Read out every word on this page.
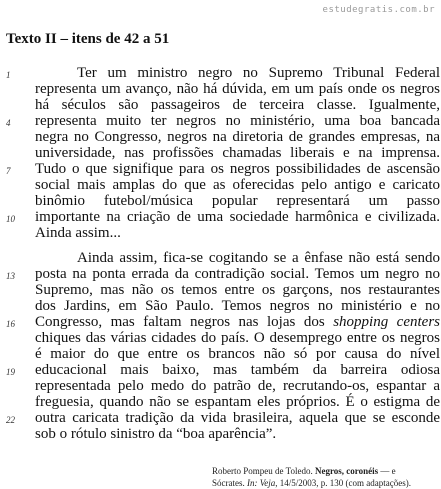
estudegratis.com.br
Texto II – itens de 42 a 51
1	Ter um ministro negro no Supremo Tribunal Federal
representa um avanço, não há dúvida, em um país onde os negros
há séculos são passageiros de terceira classe. Igualmente,
4	representa muito ter negros no ministério, uma boa bancada
negra no Congresso, negros na diretoria de grandes empresas, na
universidade, nas profissões chamadas liberais e na imprensa.
7	Tudo o que signifique para os negros possibilidades de ascensão
social mais amplas do que as oferecidas pelo antigo e caricato
binômio futebol/música popular representará um passo
10	importante na criação de uma sociedade harmônica e civilizada.
Ainda assim...
Ainda assim, fica-se cogitando se a ênfase não está sendo
13	posta na ponta errada da contradição social. Temos um negro no
Supremo, mas não os temos entre os garçons, nos restaurantes
dos Jardins, em São Paulo. Temos negros no ministério e no
16	Congresso, mas faltam negros nas lojas dos shopping centers
chiques das várias cidades do país. O desemprego entre os negros
é maior do que entre os brancos não só por causa do nível
19	educacional mais baixo, mas também da barreira odiosa
representada pelo medo do patrão de, recrutando-os, espantar a
freguesia, quando não se espantam eles próprios. É o estigma de
22	outra caricata tradição da vida brasileira, aquela que se esconde
sob o rótulo sinistro da “boa aparência”.
Roberto Pompeu de Toledo. Negros, coronéis — e
Sócrates. In: Veja, 14/5/2003, p. 130 (com adaptações).
